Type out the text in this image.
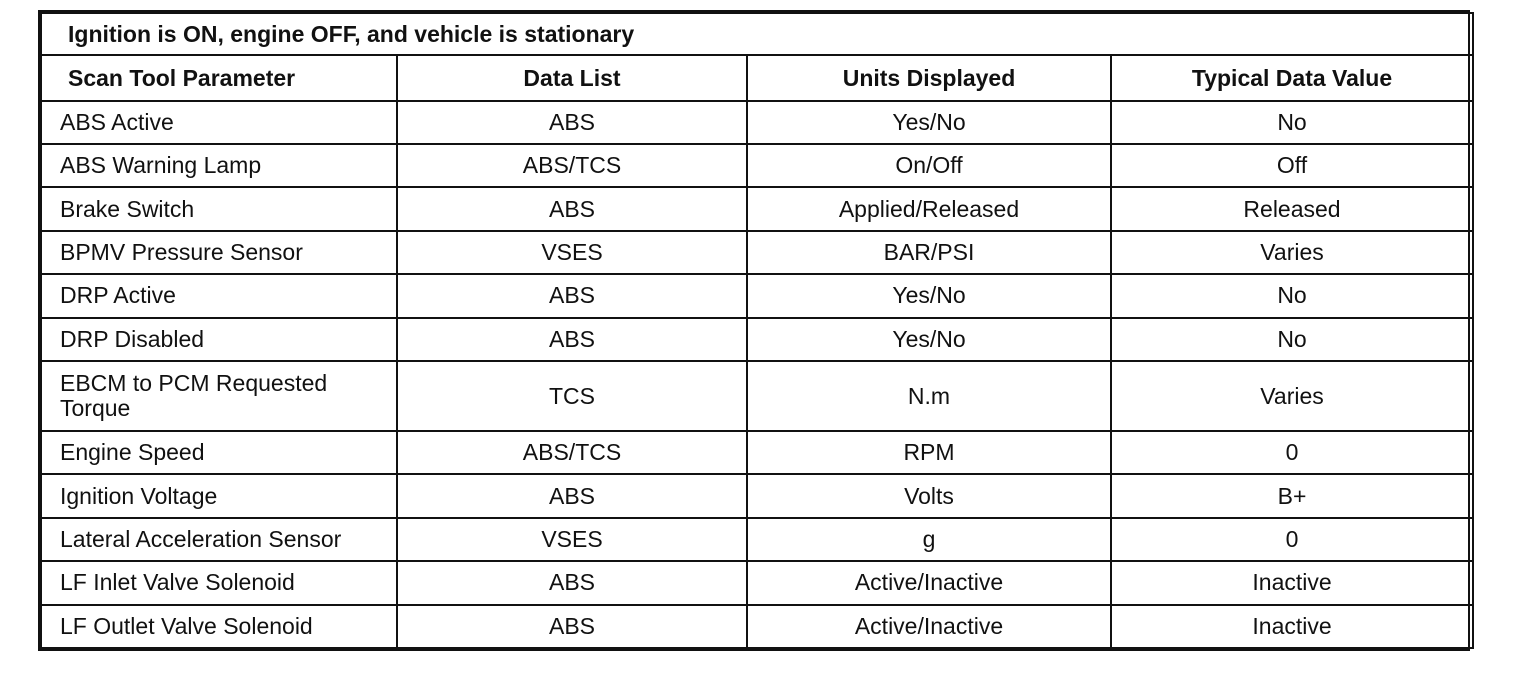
Ignition is ON, engine OFF, and vehicle is stationary			
Scan Tool Parameter	Data List	Units Displayed	Typical Data Value
ABS Active	ABS	Yes/No	No
ABS Warning Lamp	ABS/TCS	On/Off	Off
Brake Switch	ABS	Applied/Released	Released
BPMV Pressure Sensor	VSES	BAR/PSI	Varies
DRP Active	ABS	Yes/No	No
DRP Disabled	ABS	Yes/No	No
EBCM to PCM Requested Torque	TCS	N.m	Varies
Engine Speed	ABS/TCS	RPM	0
Ignition Voltage	ABS	Volts	B+
Lateral Acceleration Sensor	VSES	g	0
LF Inlet Valve Solenoid	ABS	Active/Inactive	Inactive
LF Outlet Valve Solenoid	ABS	Active/Inactive	Inactive
